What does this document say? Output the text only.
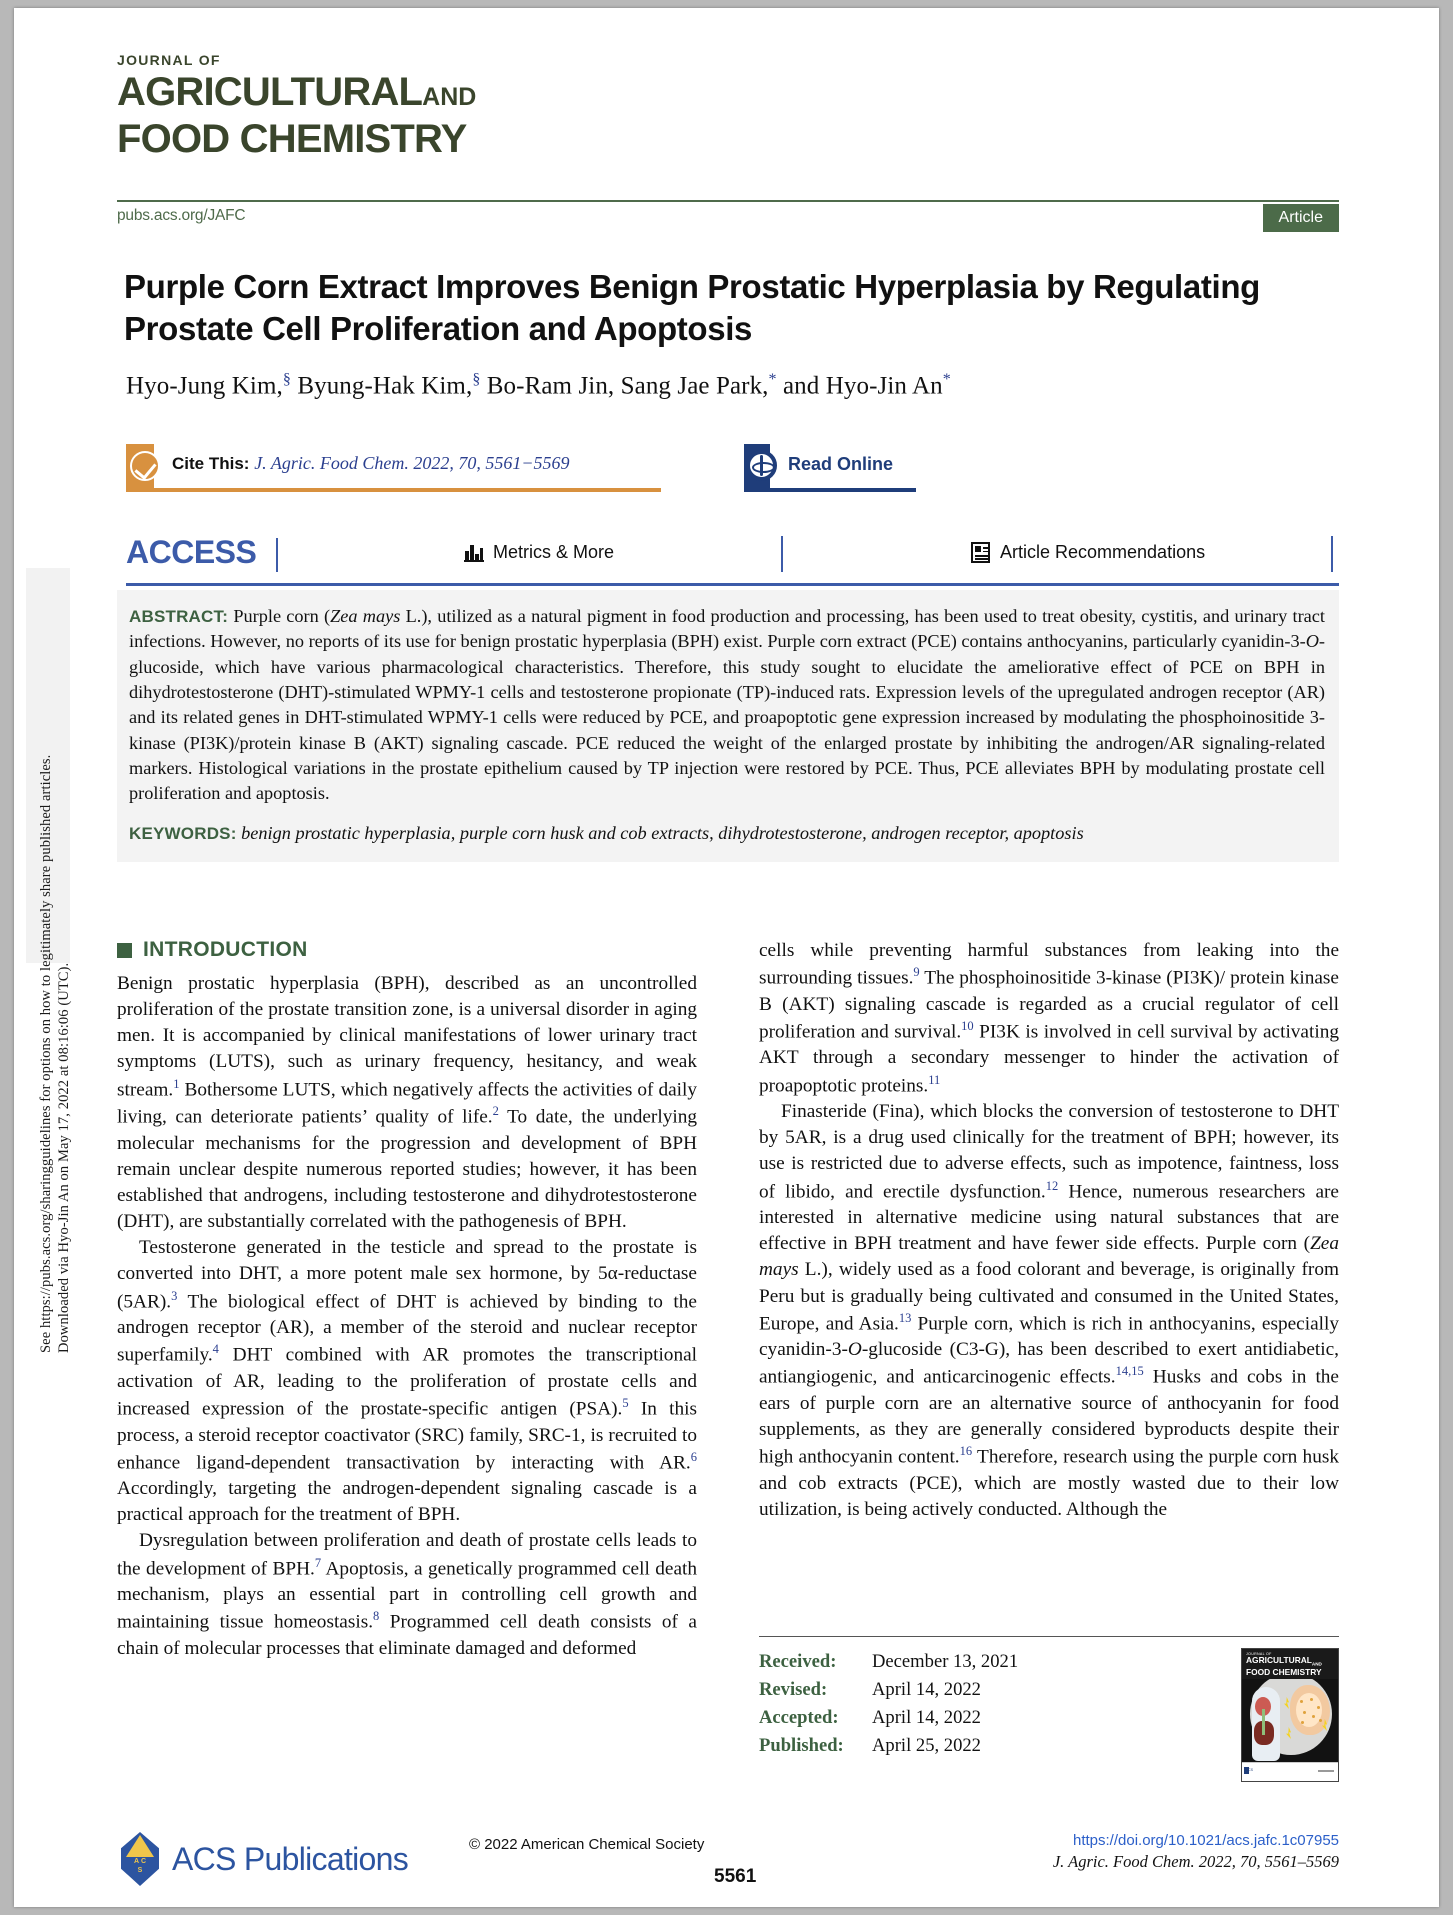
Downloaded via Hyo-Jin An on May 17, 2022 at 08:16:06 (UTC).
See https://pubs.acs.org/sharingguidelines for options on how to legitimately share published articles.
JOURNAL OF
AGRICULTURALAND
FOOD CHEMISTRY
pubs.acs.org/JAFC	Article
Purple Corn Extract Improves Benign Prostatic Hyperplasia by Regulating Prostate Cell Proliferation and Apoptosis
Hyo-Jung Kim,§ Byung-Hak Kim,§ Bo-Ram Jin, Sang Jae Park,* and Hyo-Jin An*
Cite This: J. Agric. Food Chem. 2022, 70, 5561−5569	Read Online
ACCESS	Metrics & More	Article Recommendations

ABSTRACT: Purple corn (Zea mays L.), utilized as a natural pigment in food production and processing, has been used to treat obesity, cystitis, and urinary tract infections. However, no reports of its use for benign prostatic hyperplasia (BPH) exist. Purple corn extract (PCE) contains anthocyanins, particularly cyanidin-3-O-glucoside, which have various pharmacological characteristics. Therefore, this study sought to elucidate the ameliorative effect of PCE on BPH in dihydrotestosterone (DHT)-stimulated WPMY-1 cells and testosterone propionate (TP)-induced rats. Expression levels of the upregulated androgen receptor (AR) and its related genes in DHT-stimulated WPMY-1 cells were reduced by PCE, and proapoptotic gene expression increased by modulating the phosphoinositide 3-kinase (PI3K)/protein kinase B (AKT) signaling cascade. PCE reduced the weight of the enlarged prostate by inhibiting the androgen/AR signaling-related markers. Histological variations in the prostate epithelium caused by TP injection were restored by PCE. Thus, PCE alleviates BPH by modulating prostate cell proliferation and apoptosis.

KEYWORDS: benign prostatic hyperplasia, purple corn husk and cob extracts, dihydrotestosterone, androgen receptor, apoptosis

INTRODUCTION

Benign prostatic hyperplasia (BPH), described as an uncontrolled proliferation of the prostate transition zone, is a universal disorder in aging men. It is accompanied by clinical manifestations of lower urinary tract symptoms (LUTS), such as urinary frequency, hesitancy, and weak stream.$^1$ Bothersome LUTS, which negatively affects the activities of daily living, can deteriorate patients’ quality of life.$^2$ To date, the underlying molecular mechanisms for the progression and development of BPH remain unclear despite numerous reported studies; however, it has been established that androgens, including testosterone and dihydrotestosterone (DHT), are substantially correlated with the pathogenesis of BPH.

Testosterone generated in the testicle and spread to the prostate is converted into DHT, a more potent male sex hormone, by 5α-reductase (5AR).$^3$ The biological effect of DHT is achieved by binding to the androgen receptor (AR), a member of the steroid and nuclear receptor superfamily.$^4$ DHT combined with AR promotes the transcriptional activation of AR, leading to the proliferation of prostate cells and increased expression of the prostate-specific antigen (PSA).$^5$ In this process, a steroid receptor coactivator (SRC) family, SRC-1, is recruited to enhance ligand-dependent transactivation by interacting with AR.$^6$ Accordingly, targeting the androgen-dependent signaling cascade is a practical approach for the treatment of BPH.

Dysregulation between proliferation and death of prostate cells leads to the development of BPH.$^7$ Apoptosis, a genetically programmed cell death mechanism, plays an essential part in controlling cell growth and maintaining tissue homeostasis.$^8$ Programmed cell death consists of a chain of molecular processes that eliminate damaged and deformed

cells while preventing harmful substances from leaking into the surrounding tissues.$^9$ The phosphoinositide 3-kinase (PI3K)/ protein kinase B (AKT) signaling cascade is regarded as a crucial regulator of cell proliferation and survival.$^{10}$ PI3K is involved in cell survival by activating AKT through a secondary messenger to hinder the activation of proapoptotic proteins.$^{11}$

Finasteride (Fina), which blocks the conversion of testosterone to DHT by 5AR, is a drug used clinically for the treatment of BPH; however, its use is restricted due to adverse effects, such as impotence, faintness, loss of libido, and erectile dysfunction.$^{12}$ Hence, numerous researchers are interested in alternative medicine using natural substances that are effective in BPH treatment and have fewer side effects. Purple corn (Zea mays L.), widely used as a food colorant and beverage, is originally from Peru but is gradually being cultivated and consumed in the United States, Europe, and Asia.$^{13}$ Purple corn, which is rich in anthocyanins, especially cyanidin-3-O-glucoside (C3-G), has been described to exert antidiabetic, antiangiogenic, and anticarcinogenic effects.$^{14,15}$ Husks and cobs in the ears of purple corn are an alternative source of anthocyanin for food supplements, as they are generally considered byproducts despite their high anthocyanin content.$^{16}$ Therefore, research using the purple corn husk and cob extracts (PCE), which are mostly wasted due to their low utilization, is being actively conducted. Although the

Received:	December 13, 2021
Revised:	April 14, 2022
Accepted:	April 14, 2022
Published:	April 25, 2022
JOURNAL OF
$AGRICULTURAL_{AND}$
FOOD CHEMISTRY
ACS
A C
S ACS Publications	© 2022 American Chemical Society
5561
https://doi.org/10.1021/acs.jafc.1c07955
J. Agric. Food Chem. 2022, 70, 5561–5569
